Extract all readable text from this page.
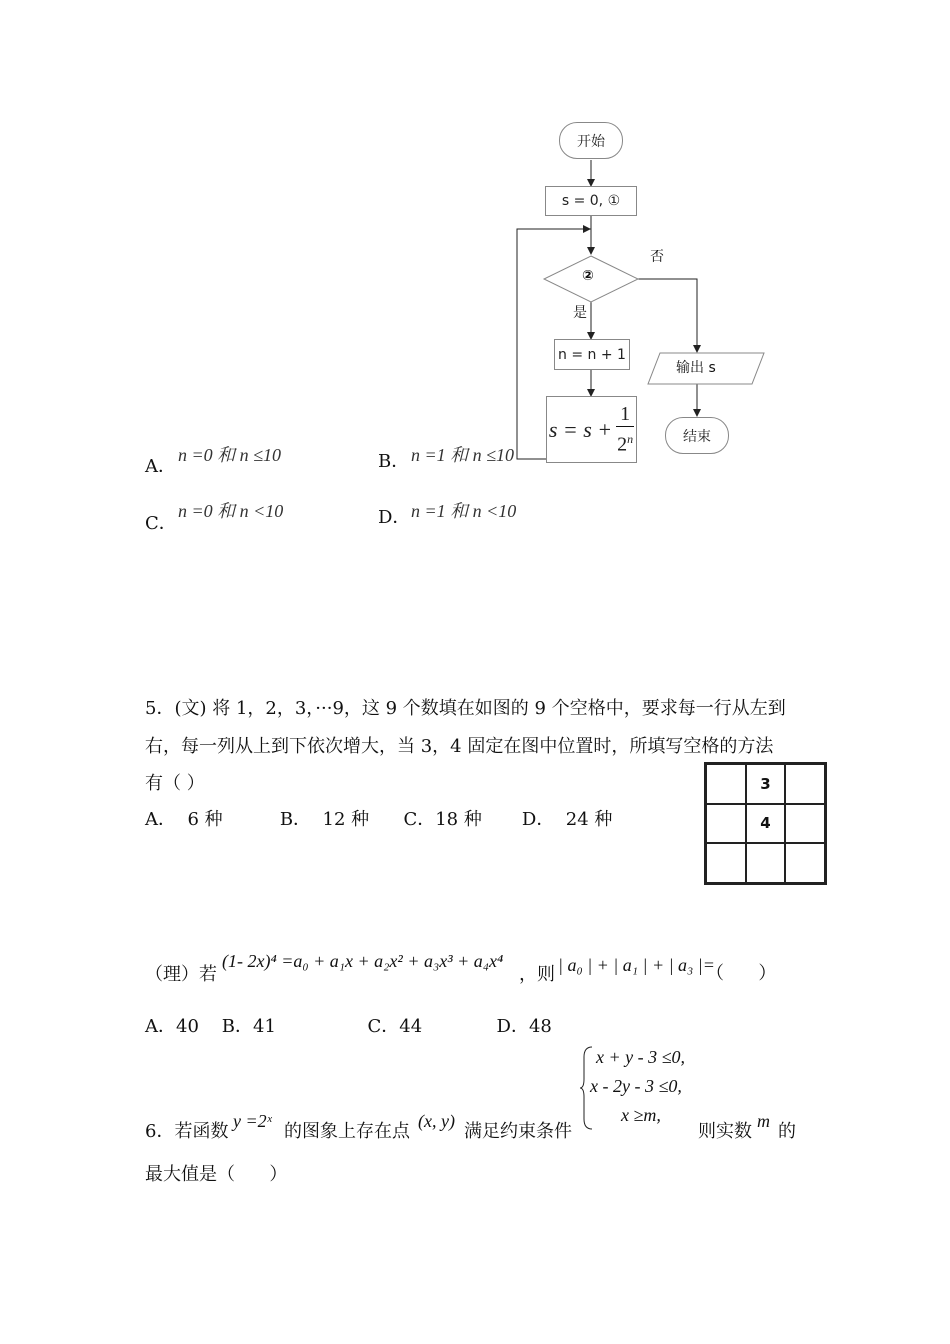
开始
s = 0, ①
②
是
否
n = n + 1
$s = s + \frac{1}{2^n}$
输出 s
结束
A．
n =0 和 n ≤10	B． n =1 和 n ≤10
C．
n =0 和 n <10	D． n =1 和 n <10
5．(文) 将 1，2，3，···9，这 9 个数填在如图的 9 个空格中，要求每一行从左到
右，每一列从上到下依次增大，当 3，4 固定在图中位置时，所填写空格的方法
有（ ）
A．  6 种          B．  12 种      C．18 种       D．  24 种
3
4
（理）若
(1- 2x)⁴ =a₀ + a₁x + a₂x² + a₃x³ + a₄x⁴
，则 | a₀ | + | a₁ | + | a₃ |=
（      ）
A．40    B．41                C．44             D．48
x + y - 3 ≤0,
x - 2y - 3 ≤0,
x ≥m,
6．若函数 y =2ˣ 的图象上存在点 (x, y) 满足约束条件	则实数 m 的
最大值是（      ）
